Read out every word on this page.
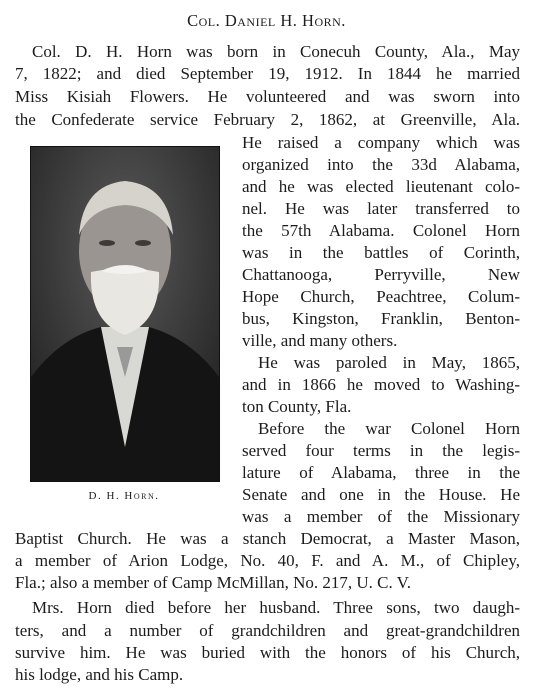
Col. Daniel H. Horn.
Col. D. H. Horn was born in Conecuh County, Ala., May
7, 1822; and died September 19, 1912. In 1844 he married
Miss Kisiah Flowers. He volunteered and was sworn into
the Confederate service February 2, 1862, at Greenville, Ala.
D. H. Horn.
He raised a company which was
organized into the 33d Alabama,
and he was elected lieutenant colo-
nel. He was later transferred to
the 57th Alabama. Colonel Horn
was in the battles of Corinth,
Chattanooga, Perryville, New
Hope Church, Peachtree, Colum-
bus, Kingston, Franklin, Benton-
ville, and many others.
He was paroled in May, 1865,
and in 1866 he moved to Washing-
ton County, Fla.
Before the war Colonel Horn
served four terms in the legis-
lature of Alabama, three in the
Senate and one in the House. He
was a member of the Missionary
Baptist Church. He was a stanch Democrat, a Master Mason,
a member of Arion Lodge, No. 40, F. and A. M., of Chipley,
Fla.; also a member of Camp McMillan, No. 217, U. C. V.
Mrs. Horn died before her husband. Three sons, two daugh-
ters, and a number of grandchildren and great-grandchildren
survive him. He was buried with the honors of his Church,
his lodge, and his Camp.
